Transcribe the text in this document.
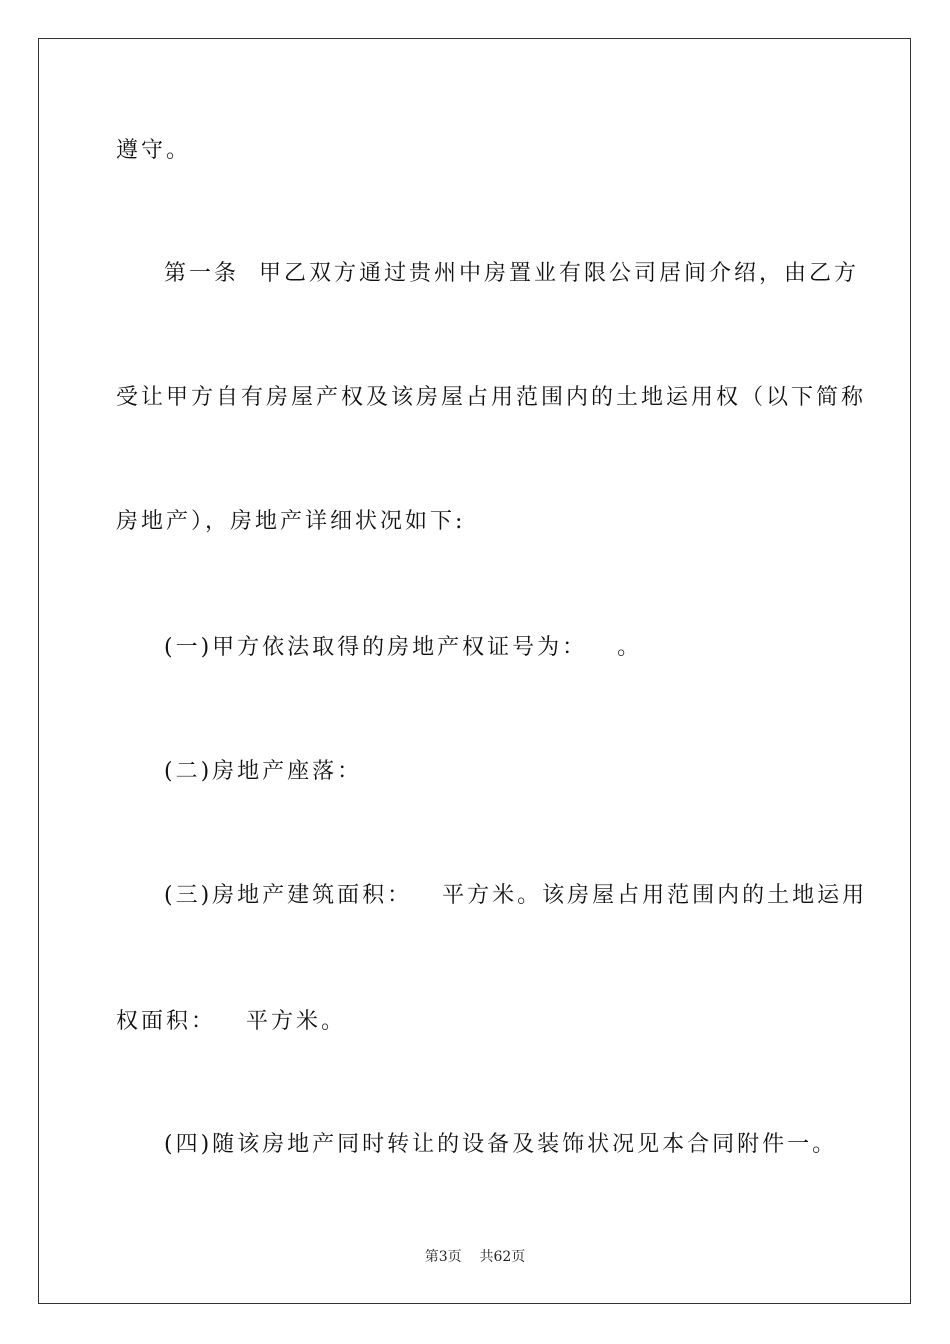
遵守。
第一条  甲乙双方通过贵州中房置业有限公司居间介绍，由乙方
受让甲方自有房屋产权及该房屋占用范围内的土地运用权（以下简称
房地产），房地产详细状况如下:
(一)甲方依法取得的房地产权证号为：   。
(二)房地产座落：
(三)房地产建筑面积：   平方米。该房屋占用范围内的土地运用
权面积：   平方米。
(四)随该房地产同时转让的设备及装饰状况见本合同附件一。
第3页    共62页
